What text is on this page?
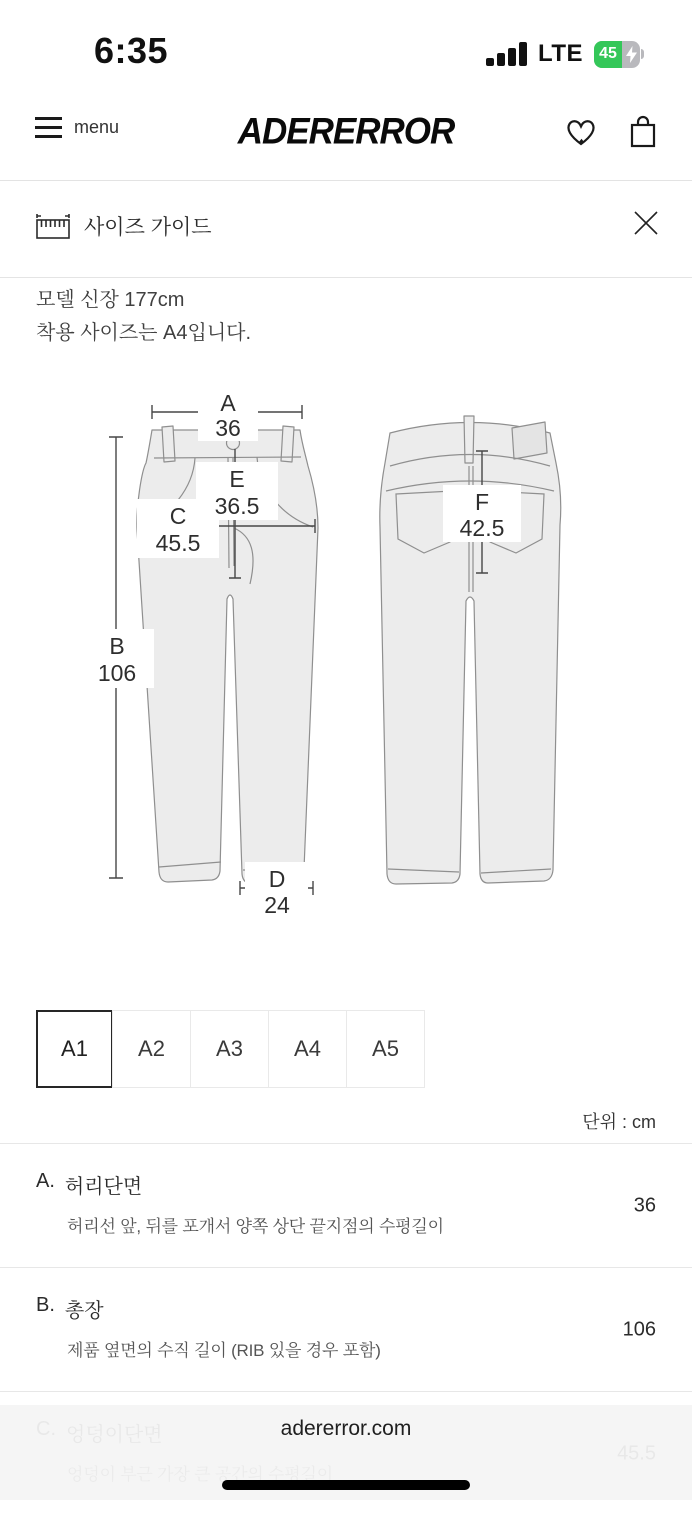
6:35	LTE	45
menu	ADERERROR
사이즈 가이드
모델 신장 177cm
착용 사이즈는 A4입니다.
A
36
E
36.5
C
45.5
B
106
D
24
F
42.5
A1	A2	A3	A4	A5
단위 : cm
A. 허리단면
허리선 앞, 뒤를 포개서 양쪽 상단 끝지점의 수평길이
36
B. 총장
제품 옆면의 수직 길이 (RIB 있을 경우 포함)
106
adererror.com
